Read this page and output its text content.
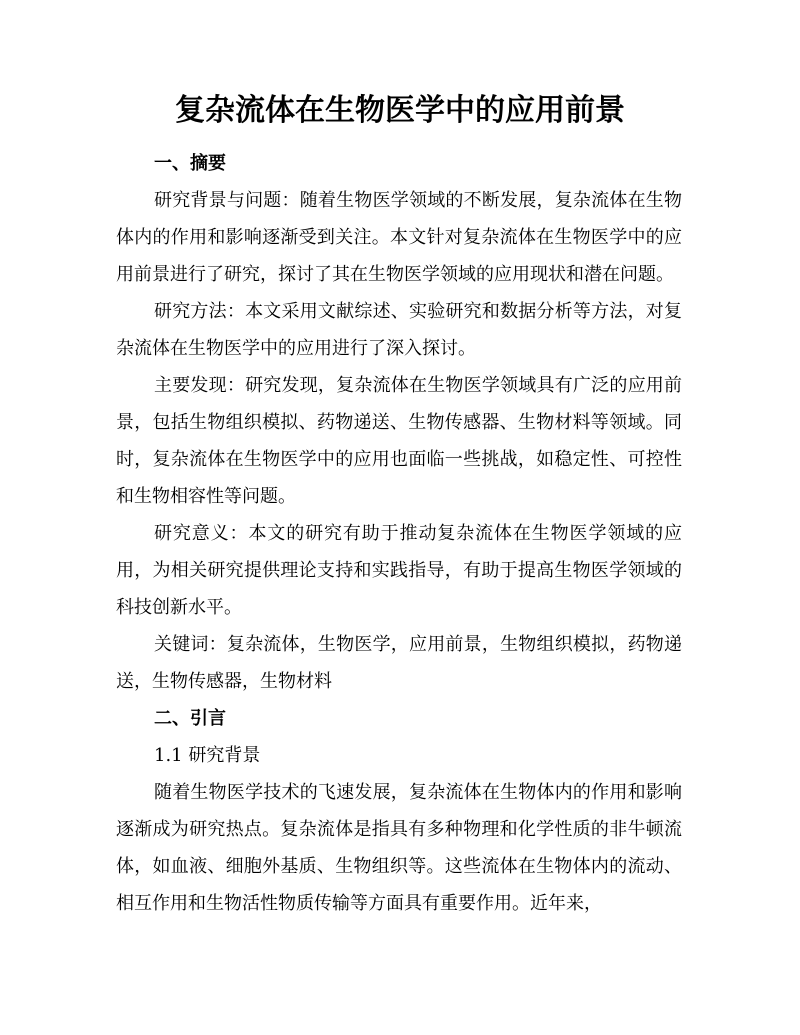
复杂流体在生物医学中的应用前景

一、摘要

研究背景与问题：随着生物医学领域的不断发展，复杂流体在生物体内的作用和影响逐渐受到关注。本文针对复杂流体在生物医学中的应用前景进行了研究，探讨了其在生物医学领域的应用现状和潜在问题。

研究方法：本文采用文献综述、实验研究和数据分析等方法，对复杂流体在生物医学中的应用进行了深入探讨。

主要发现：研究发现，复杂流体在生物医学领域具有广泛的应用前景，包括生物组织模拟、药物递送、生物传感器、生物材料等领域。同时，复杂流体在生物医学中的应用也面临一些挑战，如稳定性、可控性和生物相容性等问题。

研究意义：本文的研究有助于推动复杂流体在生物医学领域的应用，为相关研究提供理论支持和实践指导，有助于提高生物医学领域的科技创新水平。

关键词：复杂流体，生物医学，应用前景，生物组织模拟，药物递送，生物传感器，生物材料

二、引言

1.1 研究背景

随着生物医学技术的飞速发展，复杂流体在生物体内的作用和影响逐渐成为研究热点。复杂流体是指具有多种物理和化学性质的非牛顿流体，如血液、细胞外基质、生物组织等。这些流体在生物体内的流动、相互作用和生物活性物质传输等方面具有重要作用。近年来，
